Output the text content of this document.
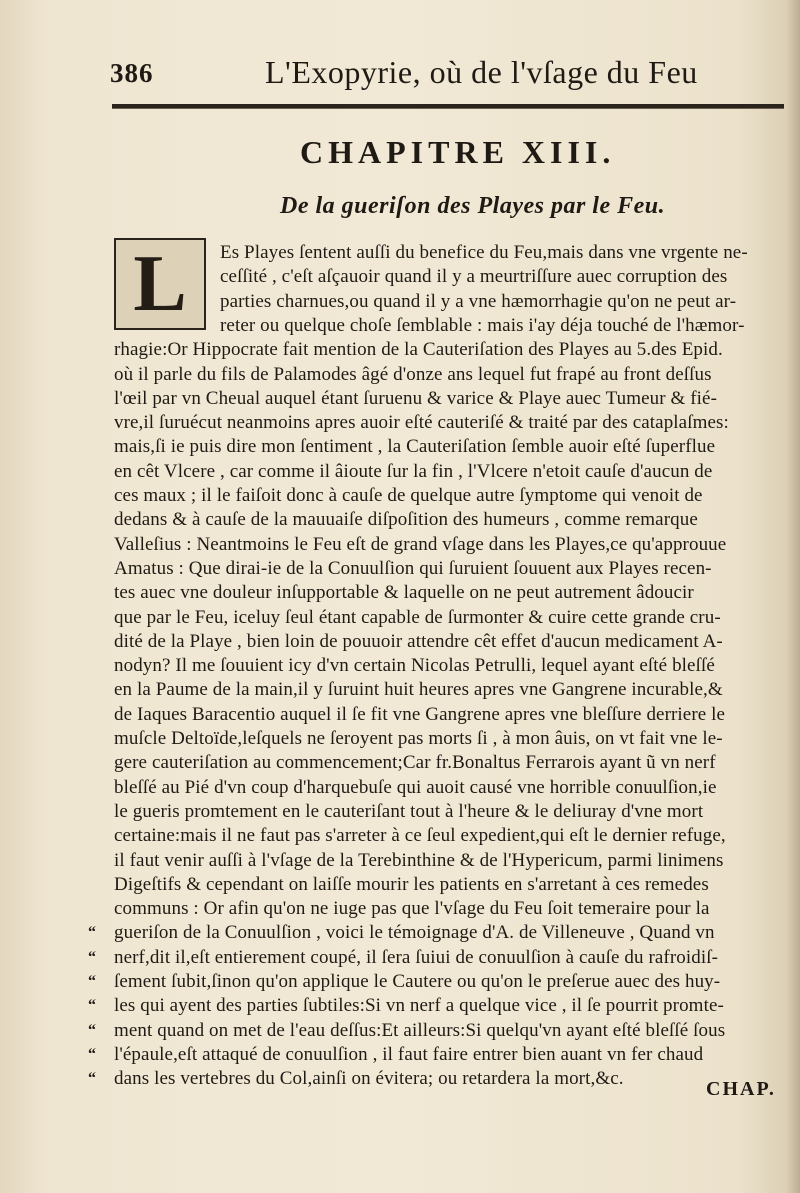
386	L'Exopyrie, où de l'vſage du Feu
CHAPITRE XIII.
De la gueriſon des Playes par le Feu.
L Es Playes ſentent auſſi du benefice du Feu,mais dans vne vrgente ne-
ceſſité , c'eſt aſçauoir quand il y a meurtriſſure auec corruption des
parties charnues,ou quand il y a vne hæmorrhagie qu'on ne peut ar-
reter ou quelque choſe ſemblable : mais i'ay déja touché de l'hæmor-
rhagie:Or Hippocrate fait mention de la Cauteriſation des Playes au 5.des Epid.
où il parle du fils de Palamodes âgé d'onze ans lequel fut frapé au front deſſus
l'œil par vn Cheual auquel étant ſuruenu & varice & Playe auec Tumeur & fié-
vre,il ſuruécut neanmoins apres auoir eſté cauteriſé & traité par des cataplaſmes:
mais,ſi ie puis dire mon ſentiment , la Cauteriſation ſemble auoir eſté ſuperflue
en cêt Vlcere , car comme il âioute ſur la fin , l'Vlcere n'etoit cauſe d'aucun de
ces maux ; il le faiſoit donc à cauſe de quelque autre ſymptome qui venoit de
dedans & à cauſe de la mauuaiſe diſpoſition des humeurs , comme remarque
Valleſius : Neantmoins le Feu eſt de grand vſage dans les Playes,ce qu'approuue
Amatus : Que dirai-ie de la Conuulſion qui ſuruient ſouuent aux Playes recen-
tes auec vne douleur inſupportable & laquelle on ne peut autrement âdoucir
que par le Feu, iceluy ſeul étant capable de ſurmonter & cuire cette grande cru-
dité de la Playe , bien loin de pouuoir attendre cêt effet d'aucun medicament A-
nodyn? Il me ſouuient icy d'vn certain Nicolas Petrulli, lequel ayant eſté bleſſé
en la Paume de la main,il y ſuruint huit heures apres vne Gangrene incurable,&
de Iaques Baracentio auquel il ſe fit vne Gangrene apres vne bleſſure derriere le
muſcle Deltoïde,leſquels ne ſeroyent pas morts ſi , à mon âuis, on vt fait vne le-
gere cauteriſation au commencement;Car fr.Bonaltus Ferrarois ayant ũ vn nerf
bleſſé au Pié d'vn coup d'harquebuſe qui auoit causé vne horrible conuulſion,ie
le gueris promtement en le cauteriſant tout à l'heure & le deliuray d'vne mort
certaine:mais il ne faut pas s'arreter à ce ſeul expedient,qui eſt le dernier refuge,
il faut venir auſſi à l'vſage de la Terebinthine & de l'Hypericum, parmi linimens
Digeſtifs & cependant on laiſſe mourir les patients en s'arretant à ces remedes
communs : Or afin qu'on ne iuge pas que l'vſage du Feu ſoit temeraire pour la
“ gueriſon de la Conuulſion , voici le témoignage d'A. de Villeneuve , Quand vn
“ nerf,dit il,eſt entierement coupé, il ſera ſuiui de conuulſion à cauſe du rafroidiſ-
“ ſement ſubit,ſinon qu'on applique le Cautere ou qu'on le preſerue auec des huy-
“ les qui ayent des parties ſubtiles:Si vn nerf a quelque vice , il ſe pourrit promte-
“ ment quand on met de l'eau deſſus:Et ailleurs:Si quelqu'vn ayant eſté bleſſé ſous
“ l'épaule,eſt attaqué de conuulſion , il faut faire entrer bien auant vn fer chaud
“ dans les vertebres du Col,ainſi on évitera; ou retardera la mort,&c.	CHAP.
